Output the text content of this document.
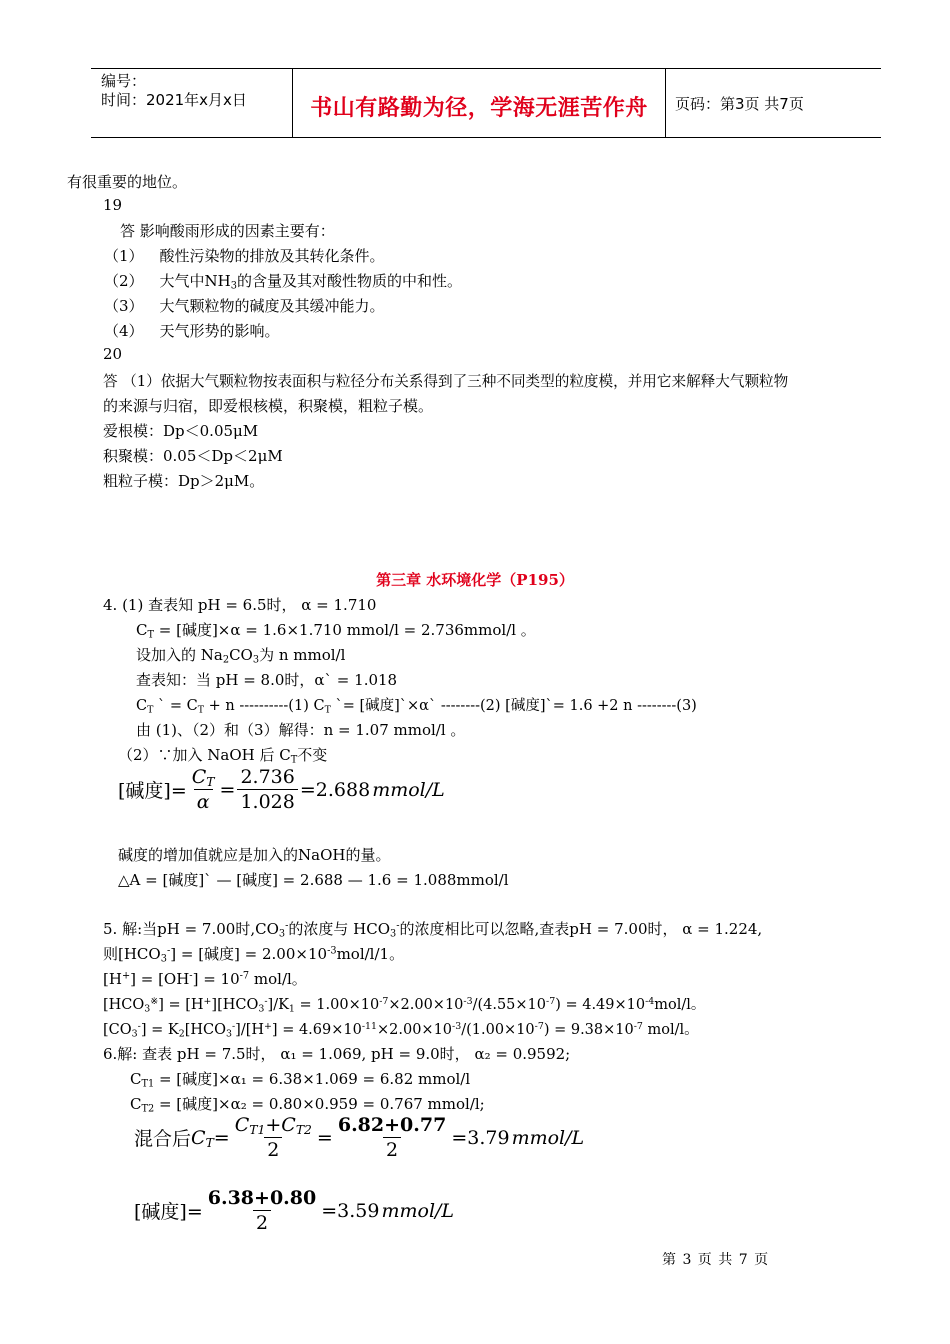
编号：
时间：2021年x月x日	书山有路勤为径，学海无涯苦作舟	页码：第3页 共7页
有很重要的地位。
19
答 影响酸雨形成的因素主要有：
（1） 酸性污染物的排放及其转化条件。
（2） 大气中$NH_3$的含量及其对酸性物质的中和性。
（3） 大气颗粒物的碱度及其缓冲能力。
（4） 天气形势的影响。
20
答 （1）依据大气颗粒物按表面积与粒径分布关系得到了三种不同类型的粒度模，并用它来解释大气颗粒物
的来源与归宿，即爱根核模，积聚模，粗粒子模。
爱根模：Dp＜0.05μM
积聚模：0.05＜Dp＜2μM
粗粒子模：Dp＞2μM。
第三章 水环境化学（P195）
4. (1) 查表知 pH = 6.5时， α = 1.710
$C_T$ = [碱度]×α = 1.6×1.710 mmol/l = 2.736mmol/l 。
设加入的 $Na_2CO_3$为 n mmol/l
查表知：当 pH = 8.0时，α` = 1.018
$C_T$ ` = $C_T + n$ ----------(1) $C_T$ `= [碱度]`×α` --------(2) [碱度]`= 1.6 +2 n --------(3)
由 (1)、（2）和（3）解得：n = 1.07 mmol/l 。
（2）∵加入 NaOH 后 $C_T$不变
[碱度]= $\frac{C_T}{\alpha} = \frac{2.736}{1.028} =2.688$ mmol/L
碱度的增加值就应是加入的NaOH的量。
△A = [碱度]` — [碱度] = 2.688 — 1.6 = 1.088mmol/l
5. 解:当pH = 7.00时$,CO_3^-$的浓度与 $HCO_3^-$的浓度相比可以忽略,查表pH = 7.00时， α = 1.224,
则$[HCO_3^-]$ = [碱度] = $2.00\times 10^{-3}mol/l/1$。
$[H^+] = [OH^-] = 10^{-7}$ mol/l。
$[HCO_3^※] = [H^+][HCO_3^-]/K_1 = 1.00\times 10^{-7}\times 2.00\times 10^{-3}/(4.55\times 10^{-7}) = 4.49\times 10^{-4}mol/l$。
$[CO_3^-] = K_2[HCO_3^-]/[H^+] = 4.69\times 10^{-11}\times 2.00\times 10^{-3}/(1.00\times 10^{-7}) = 9.38\times 10^{-7}$ mol/l。
6.解: 查表 pH = 7.5时， α₁ = 1.069, pH = 9.0时， α₂ = 0.9592;
$C_{T1}$ = [碱度]×α₁ = 6.38×1.069 = 6.82 mmol/l
$C_{T2}$ = [碱度]×α₂ = 0.80×0.959 = 0.767 mmol/l;
混合后 $C_T = \frac{C_{T1}+C_{T2}}{2} = \frac{6.82+0.77}{2} =3.79$ mmol/L
[碱度]= $\frac{6.38+0.80}{2} =3.59$ mmol/L
第 3 页 共 7 页
